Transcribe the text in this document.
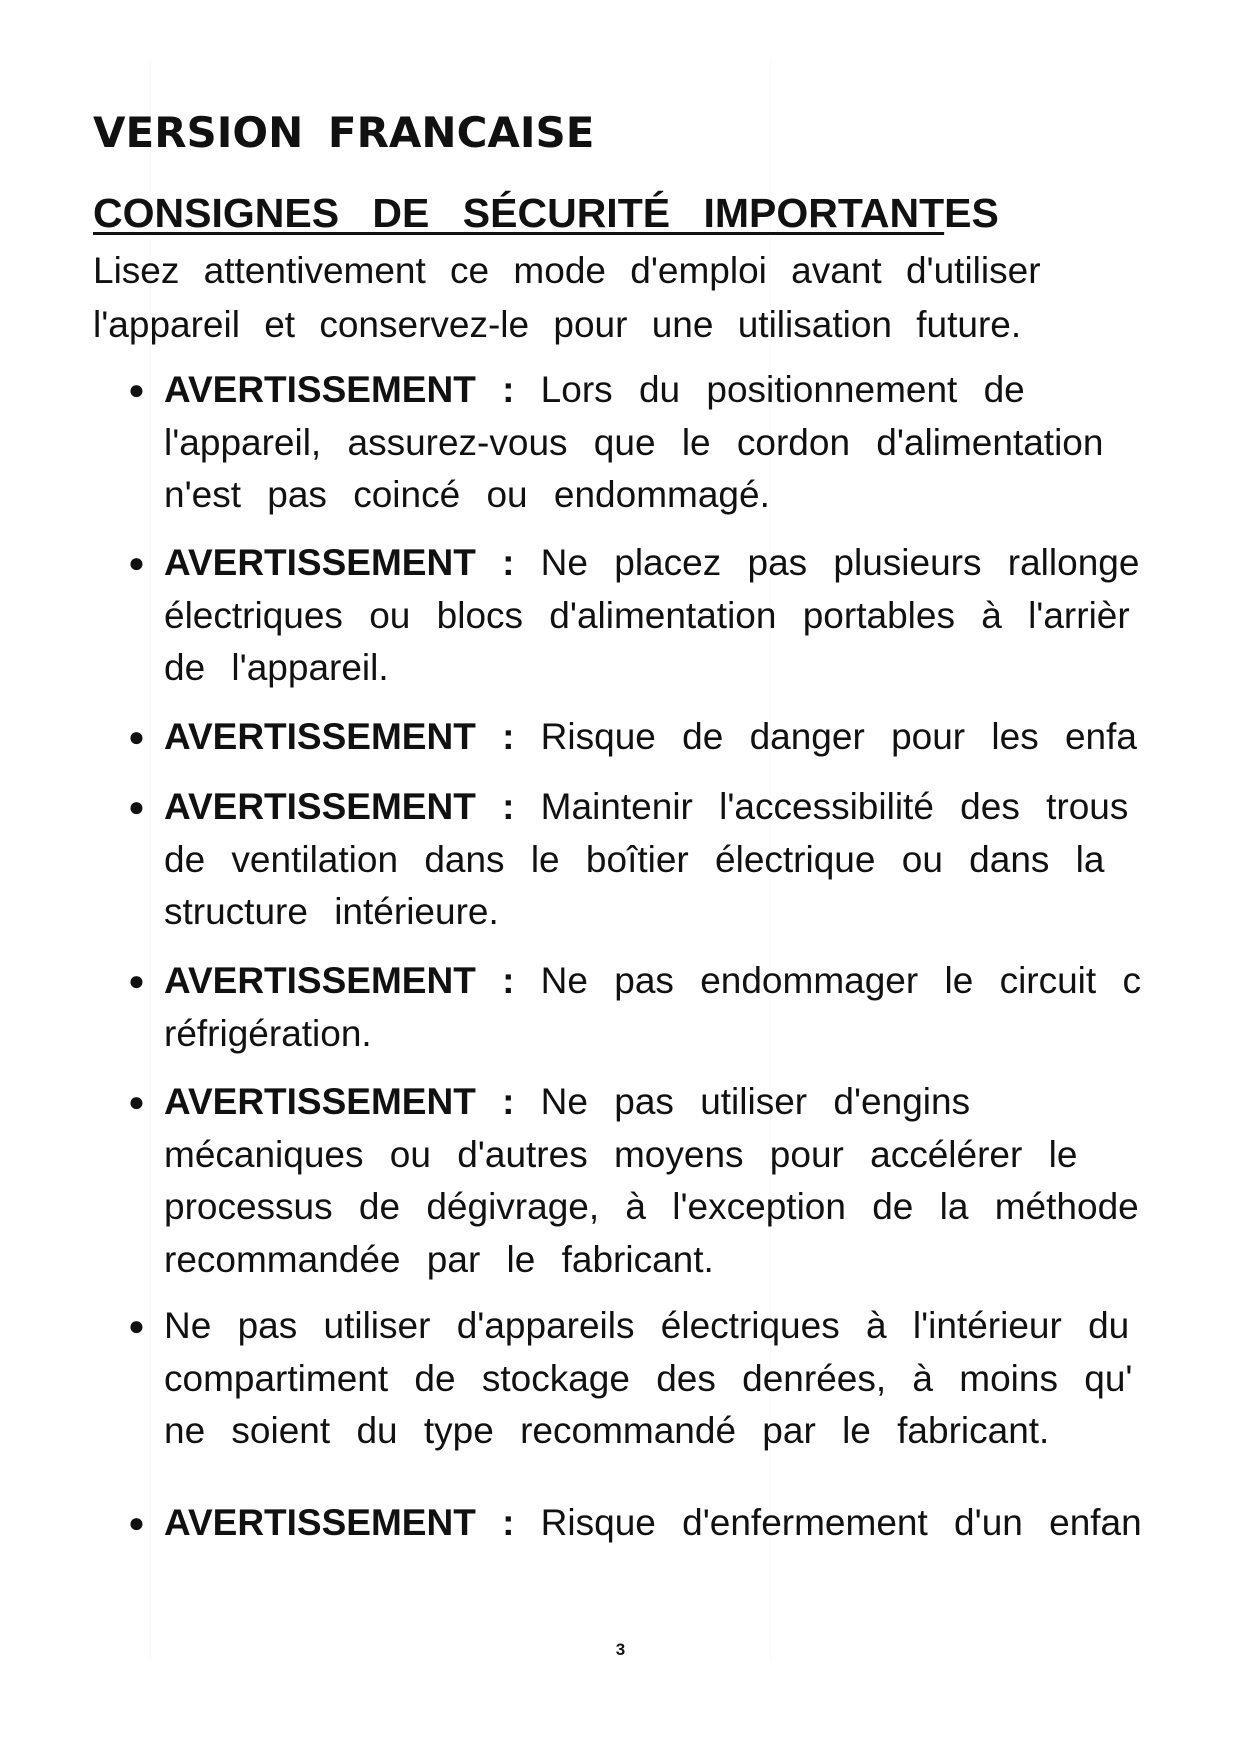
VERSION FRANCAISE
CONSIGNES DE SÉCURITÉ IMPORTANTES
Lisez attentivement ce mode d'emploi avant d'utiliser
l'appareil et conservez-le pour une utilisation future.
● AVERTISSEMENT : Lors du positionnement de
l'appareil, assurez-vous que le cordon d'alimentation
n'est pas coincé ou endommagé.
● AVERTISSEMENT : Ne placez pas plusieurs rallonge
électriques ou blocs d'alimentation portables à l'arrièr
de l'appareil.
● AVERTISSEMENT : Risque de danger pour les enfa
● AVERTISSEMENT : Maintenir l'accessibilité des trous
de ventilation dans le boîtier électrique ou dans la
structure intérieure.
● AVERTISSEMENT : Ne pas endommager le circuit c
réfrigération.
● AVERTISSEMENT : Ne pas utiliser d'engins
mécaniques ou d'autres moyens pour accélérer le
processus de dégivrage, à l'exception de la méthode
recommandée par le fabricant.
● Ne pas utiliser d'appareils électriques à l'intérieur du
compartiment de stockage des denrées, à moins qu'
ne soient du type recommandé par le fabricant.
● AVERTISSEMENT : Risque d'enfermement d'un enfan
3
